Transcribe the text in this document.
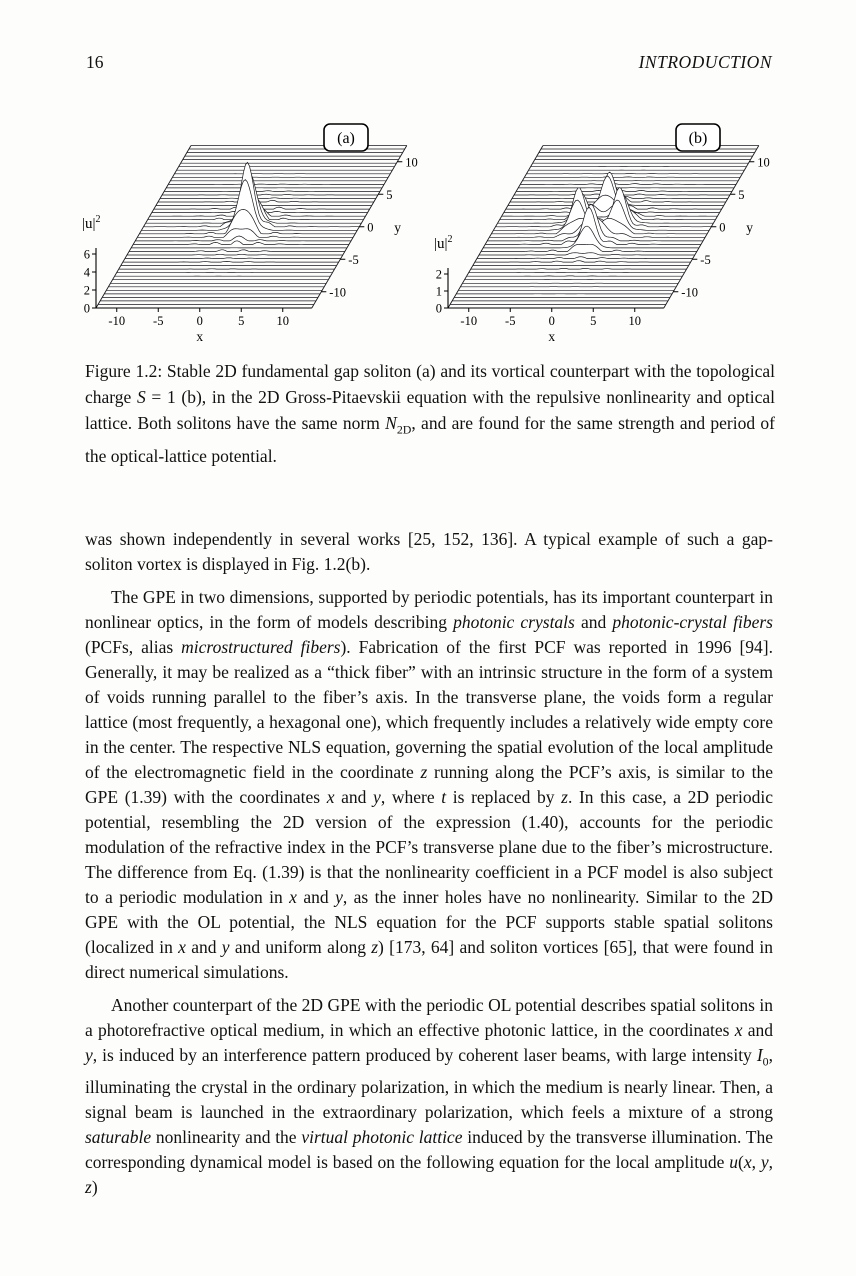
16	INTRODUCTION
-10 -5	0	5	10
x
10
5
0
-5
-10
y
6
4
2
0
$|u|^2$
(a)
-10 -5	0	5	10
x
10
5
0
-5
-10
y
2
1
0
$|u|^2$
(b)

Figure 1.2: Stable 2D fundamental gap soliton (a) and its vortical counterpart with the topological charge S = 1 (b), in the 2D Gross-Pitaevskii equation with the repulsive nonlinearity and optical lattice. Both solitons have the same norm $N_{2D}$, and are found for the same strength and period of the optical-lattice potential.

was shown independently in several works [25, 152, 136]. A typical example of such a gap-soliton vortex is displayed in Fig. 1.2(b).

The GPE in two dimensions, supported by periodic potentials, has its important counterpart in nonlinear optics, in the form of models describing photonic crystals and photonic-crystal fibers (PCFs, alias microstructured fibers). Fabrication of the first PCF was reported in 1996 [94]. Generally, it may be realized as a “thick fiber” with an intrinsic structure in the form of a system of voids running parallel to the fiber’s axis. In the transverse plane, the voids form a regular lattice (most frequently, a hexagonal one), which frequently includes a relatively wide empty core in the center. The respective NLS equation, governing the spatial evolution of the local amplitude of the electromagnetic field in the coordinate z running along the PCF’s axis, is similar to the GPE (1.39) with the coordinates x and y, where t is replaced by z. In this case, a 2D periodic potential, resembling the 2D version of the expression (1.40), accounts for the periodic modulation of the refractive index in the PCF’s transverse plane due to the fiber’s microstructure. The difference from Eq. (1.39) is that the nonlinearity coefficient in a PCF model is also subject to a periodic modulation in x and y, as the inner holes have no nonlinearity. Similar to the 2D GPE with the OL potential, the NLS equation for the PCF supports stable spatial solitons (localized in x and y and uniform along z) [173, 64] and soliton vortices [65], that were found in direct numerical simulations.

Another counterpart of the 2D GPE with the periodic OL potential describes spatial solitons in a photorefractive optical medium, in which an effective photonic lattice, in the coordinates x and y, is induced by an interference pattern produced by coherent laser beams, with large intensity $I_0$, illuminating the crystal in the ordinary polarization, in which the medium is nearly linear. Then, a signal beam is launched in the extraordinary polarization, which feels a mixture of a strong saturable nonlinearity and the virtual photonic lattice induced by the transverse illumination. The corresponding dynamical model is based on the following equation for the local amplitude u(x, y, z)
